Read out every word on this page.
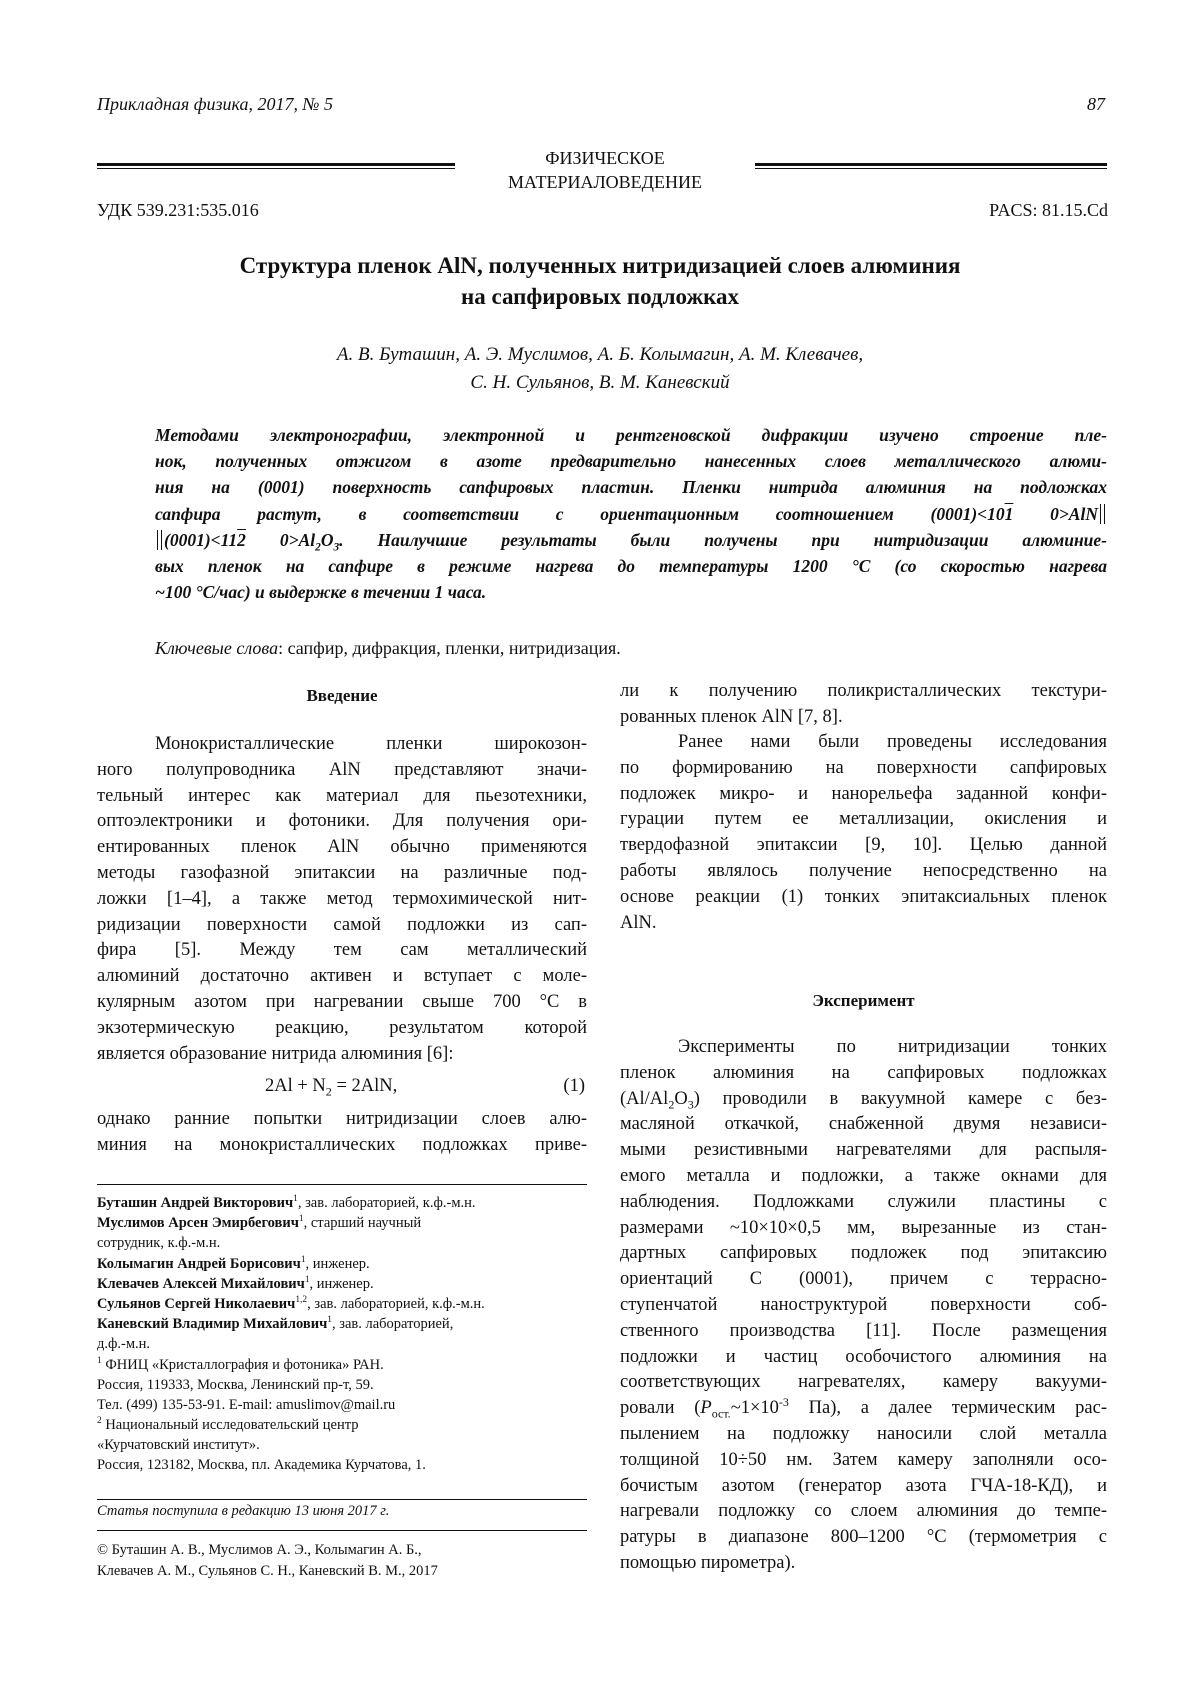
Прикладная физика, 2017, № 5	87
ФИЗИЧЕСКОЕ
МАТЕРИАЛОВЕДЕНИЕ
УДК 539.231:535.016	PACS: 81.15.Cd
Структура пленок AlN, полученных нитридизацией слоев алюминия
на сапфировых подложках
А. В. Буташин, А. Э. Муслимов, А. Б. Колымагин, А. М. Клевачев,
С. Н. Сульянов, В. М. Каневский
Методами электронографии, электронной и рентгеновской дифракции изучено строение пле-
нок, полученных отжигом в азоте предварительно нанесенных слоев металлического алюми-
ния на (0001) поверхность сапфировых пластин. Пленки нитрида алюминия на подложках
сапфира растут, в соответствии с ориентационным соотношением (0001)<101 0>AlN
(0001)<112 $0>Al_2O_3$. Наилучшие результаты были получены при нитридизации алюминие-
вых пленок на сапфире в режиме нагрева до температуры 1200 °С (со скоростью нагрева
~100 °С/час) и выдержке в течении 1 часа.
Ключевые слова: сапфир, дифракция, пленки, нитридизация.
Введение
Монокристаллические пленки широкозон-
ного полупроводника AlN представляют значи-
тельный интерес как материал для пьезотехники,
оптоэлектроники и фотоники. Для получения ори-
ентированных пленок AlN обычно применяются
методы газофазной эпитаксии на различные под-
ложки [1–4], а также метод термохимической нит-
ридизации поверхности самой подложки из сап-
фира [5]. Между тем сам металлический
алюминий достаточно активен и вступает с моле-
кулярным азотом при нагревании свыше 700 °С в
экзотермическую реакцию, результатом которой
является образование нитрида алюминия [6]:
$2Al + N_2 = 2AlN$,	(1)
однако ранние попытки нитридизации слоев алю-
миния на монокристаллических подложках приве-
Буташин Андрей Викторович$^1$, зав. лабораторией, к.ф.-м.н.
Муслимов Арсен Эмирбегович$^1$, старший научный
сотрудник, к.ф.-м.н.
Колымагин Андрей Борисович$^1$, инженер.
Клевачев Алексей Михайлович$^1$, инженер.
Сульянов Сергей Николаевич$^{1,2}$, зав. лабораторией, к.ф.-м.н.
Каневский Владимир Михайлович$^1$, зав. лабораторией,
д.ф.-м.н.
$^1$ ФНИЦ «Кристаллография и фотоника» РАН.
Россия, 119333, Москва, Ленинский пр-т, 59.
Тел. (499) 135-53-91. E-mail: amuslimov@mail.ru
$^2$ Национальный исследовательский центр
«Курчатовский институт».
Россия, 123182, Москва, пл. Академика Курчатова, 1.
Статья поступила в редакцию 13 июня 2017 г.
© Буташин А. В., Муслимов А. Э., Колымагин А. Б.,
Клевачев А. М., Сульянов С. Н., Каневский В. М., 2017
ли к получению поликристаллических текстури-
рованных пленок AlN [7, 8].
Ранее нами были проведены исследования
по формированию на поверхности сапфировых
подложек микро- и нанорельефа заданной конфи-
гурации путем ее металлизации, окисления и
твердофазной эпитаксии [9, 10]. Целью данной
работы являлось получение непосредственно на
основе реакции (1) тонких эпитаксиальных пленок
AlN.
Эксперимент
Эксперименты по нитридизации тонких
пленок алюминия на сапфировых подложках
$(Al/Al_2O_3)$ проводили в вакуумной камере с без-
масляной откачкой, снабженной двумя независи-
мыми резистивными нагревателями для распыля-
емого металла и подложки, а также окнами для
наблюдения. Подложками служили пластины с
размерами ~10×10×0,5 мм, вырезанные из стан-
дартных сапфировых подложек под эпитаксию
ориентаций С (0001), причем с террасно-
ступенчатой наноструктурой поверхности соб-
ственного производства [11]. После размещения
подложки и частиц особочистого алюминия на
соответствующих нагревателях, камеру вакууми-
ровали ($P_{ост.}\sim 1\times 10^{-3}$ Па), а далее термическим рас-
пылением на подложку наносили слой металла
толщиной 10÷50 нм. Затем камеру заполняли осо-
бочистым азотом (генератор азота ГЧА-18-КД), и
нагревали подложку со слоем алюминия до темпе-
ратуры в диапазоне 800–1200 °С (термометрия с
помощью пирометра).
